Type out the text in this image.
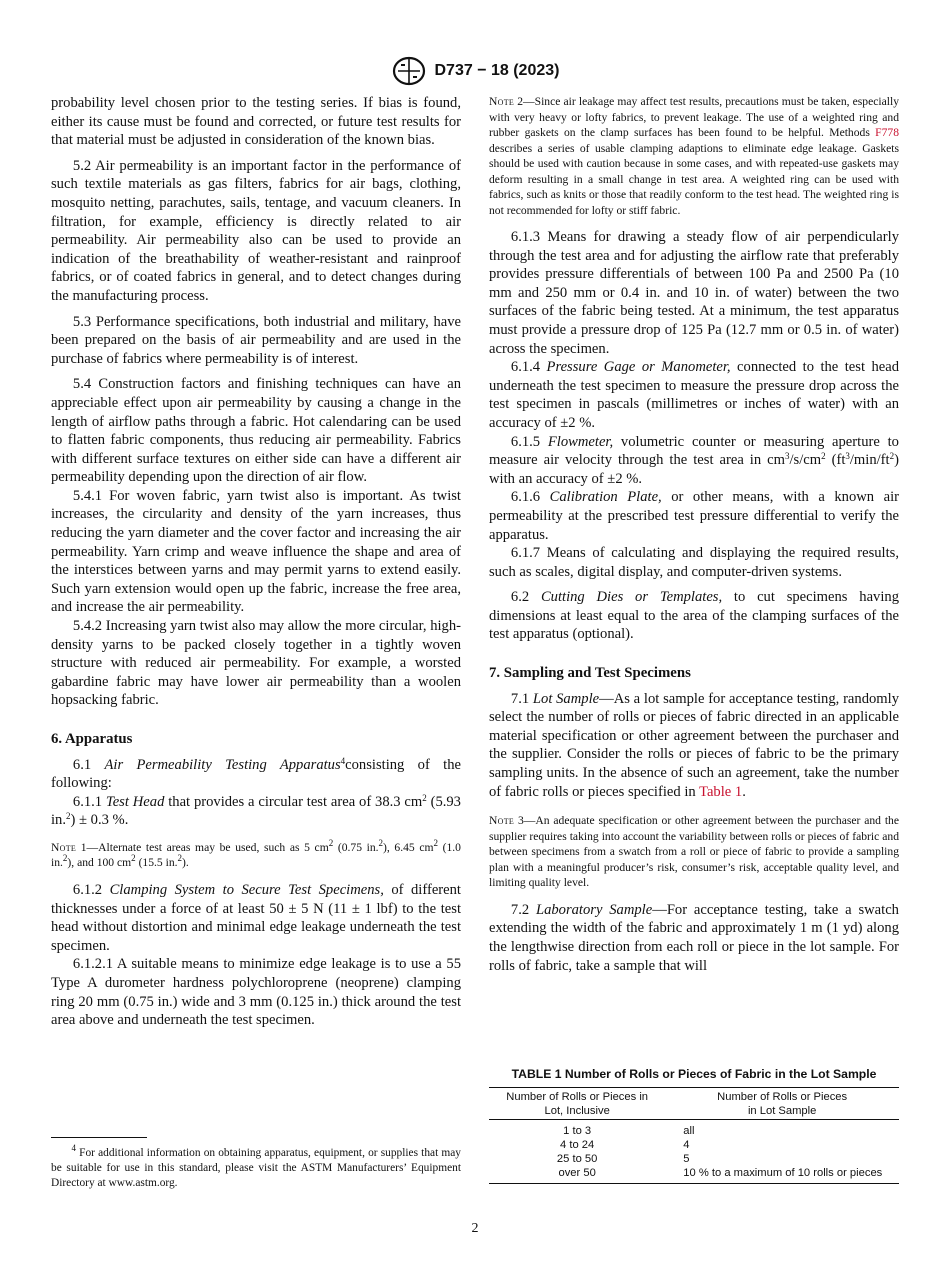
D737 − 18 (2023)

probability level chosen prior to the testing series. If bias is found, either its cause must be found and corrected, or future test results for that material must be adjusted in consideration of the known bias.

5.2 Air permeability is an important factor in the performance of such textile materials as gas filters, fabrics for air bags, clothing, mosquito netting, parachutes, sails, tentage, and vacuum cleaners. In filtration, for example, efficiency is directly related to air permeability. Air permeability also can be used to provide an indication of the breathability of weather-resistant and rainproof fabrics, or of coated fabrics in general, and to detect changes during the manufacturing process.

5.3 Performance specifications, both industrial and military, have been prepared on the basis of air permeability and are used in the purchase of fabrics where permeability is of interest.

5.4 Construction factors and finishing techniques can have an appreciable effect upon air permeability by causing a change in the length of airflow paths through a fabric. Hot calendaring can be used to flatten fabric components, thus reducing air permeability. Fabrics with different surface textures on either side can have a different air permeability depending upon the direction of air flow.

5.4.1 For woven fabric, yarn twist also is important. As twist increases, the circularity and density of the yarn increases, thus reducing the yarn diameter and the cover factor and increasing the air permeability. Yarn crimp and weave influence the shape and area of the interstices between yarns and may permit yarns to extend easily. Such yarn extension would open up the fabric, increase the free area, and increase the air permeability.

5.4.2 Increasing yarn twist also may allow the more circular, high-density yarns to be packed closely together in a tightly woven structure with reduced air permeability. For example, a worsted gabardine fabric may have lower air permeability than a woolen hopsacking fabric.

6. Apparatus

6.1 Air Permeability Testing Apparatus$^4$consisting of the following:

6.1.1 Test Head that provides a circular test area of 38.3 $cm^2$ (5.93 in.$^2$) ± 0.3 %.

Note 1—Alternate test areas may be used, such as 5 $cm^2$ (0.75 in.$^2$), 6.45 $cm^2$ (1.0 in.$^2$), and 100 $cm^2$ (15.5 in.$^2$).

6.1.2 Clamping System to Secure Test Specimens, of different thicknesses under a force of at least 50 ± 5 N (11 ± 1 lbf) to the test head without distortion and minimal edge leakage underneath the test specimen.

6.1.2.1 A suitable means to minimize edge leakage is to use a 55 Type A durometer hardness polychloroprene (neoprene) clamping ring 20 mm (0.75 in.) wide and 3 mm (0.125 in.) thick around the test area above and underneath the test specimen.

$^4$ For additional information on obtaining apparatus, equipment, or supplies that may be suitable for use in this standard, please visit the ASTM Manufacturers’ Equipment Directory at www.astm.org.

Note 2—Since air leakage may affect test results, precautions must be taken, especially with very heavy or lofty fabrics, to prevent leakage. The use of a weighted ring and rubber gaskets on the clamp surfaces has been found to be helpful. Methods F778 describes a series of usable clamping adaptions to eliminate edge leakage. Gaskets should be used with caution because in some cases, and with repeated-use gaskets may deform resulting in a small change in test area. A weighted ring can be used with fabrics, such as knits or those that readily conform to the test head. The weighted ring is not recommended for lofty or stiff fabric.

6.1.3 Means for drawing a steady flow of air perpendicularly through the test area and for adjusting the airflow rate that preferably provides pressure differentials of between 100 Pa and 2500 Pa (10 mm and 250 mm or 0.4 in. and 10 in. of water) between the two surfaces of the fabric being tested. At a minimum, the test apparatus must provide a pressure drop of 125 Pa (12.7 mm or 0.5 in. of water) across the specimen.

6.1.4 Pressure Gage or Manometer, connected to the test head underneath the test specimen to measure the pressure drop across the test specimen in pascals (millimetres or inches of water) with an accuracy of ±2 %.

6.1.5 Flowmeter, volumetric counter or measuring aperture to measure air velocity through the test area in $cm^3/s/cm^2$ $(ft^3/\min/ft^2)$ with an accuracy of ±2 %.

6.1.6 Calibration Plate, or other means, with a known air permeability at the prescribed test pressure differential to verify the apparatus.

6.1.7 Means of calculating and displaying the required results, such as scales, digital display, and computer-driven systems.

6.2 Cutting Dies or Templates, to cut specimens having dimensions at least equal to the area of the clamping surfaces of the test apparatus (optional).

7. Sampling and Test Specimens

7.1 Lot Sample—As a lot sample for acceptance testing, randomly select the number of rolls or pieces of fabric directed in an applicable material specification or other agreement between the purchaser and the supplier. Consider the rolls or pieces of fabric to be the primary sampling units. In the absence of such an agreement, take the number of fabric rolls or pieces specified in Table 1.

Note 3—An adequate specification or other agreement between the purchaser and the supplier requires taking into account the variability between rolls or pieces of fabric and between specimens from a swatch from a roll or piece of fabric to provide a sampling plan with a meaningful producer’s risk, consumer’s risk, acceptable quality level, and limiting quality level.

7.2 Laboratory Sample—For acceptance testing, take a swatch extending the width of the fabric and approximately 1 m (1 yd) along the lengthwise direction from each roll or piece in the lot sample. For rolls of fabric, take a sample that will

TABLE 1 Number of Rolls or Pieces of Fabric in the Lot Sample
Number of Rolls or Pieces in
Lot, Inclusive	Number of Rolls or Pieces
in Lot Sample
1 to 3	all
4 to 24	4
25 to 50	5
over 50	10 % to a maximum of 10 rolls or pieces
2
